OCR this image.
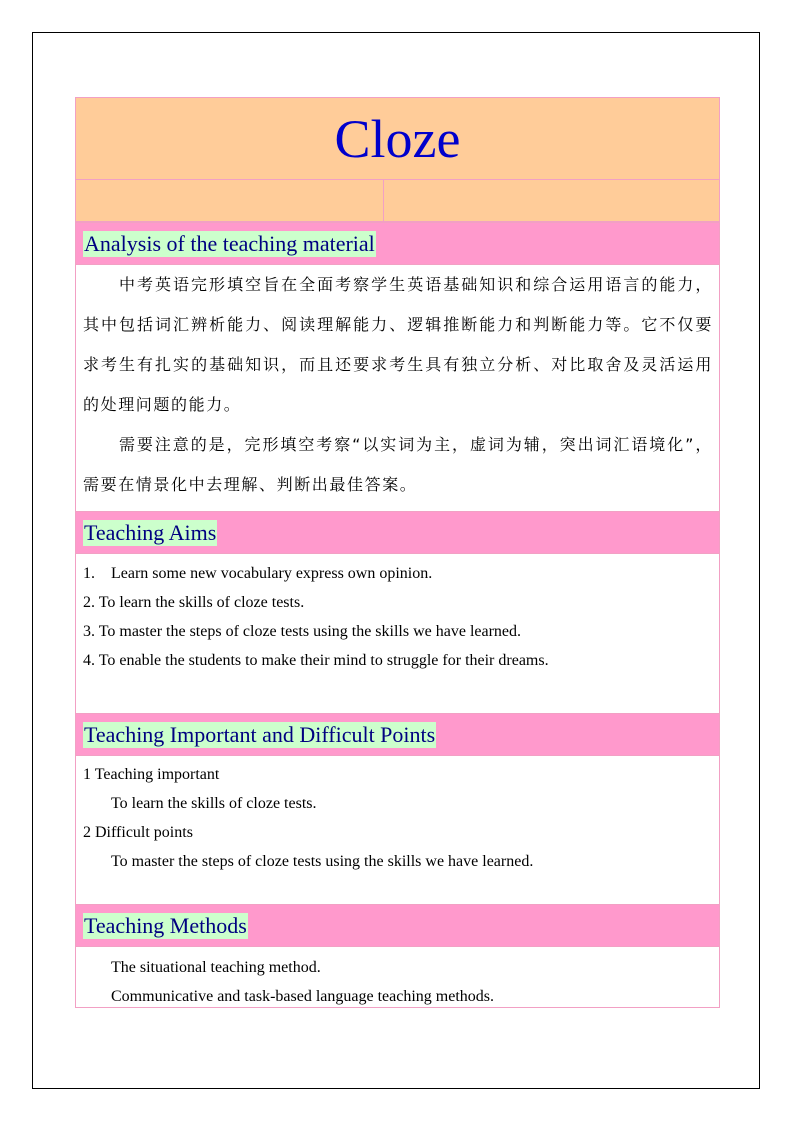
Cloze
Analysis of the teaching material

中考英语完形填空旨在全面考察学生英语基础知识和综合运用语言的能力，其中包括词汇辨析能力、阅读理解能力、逻辑推断能力和判断能力等。它不仅要求考生有扎实的基础知识，而且还要求考生具有独立分析、对比取舍及灵活运用的处理问题的能力。

需要注意的是，完形填空考察“以实词为主，虚词为辅，突出词汇语境化”，需要在情景化中去理解、判断出最佳答案。

Teaching Aims

1.    Learn some new vocabulary express own opinion.

2. To learn the skills of cloze tests.

3. To master the steps of cloze tests using the skills we have learned.

4. To enable the students to make their mind to struggle for their dreams.

Teaching Important and Difficult Points

1 Teaching important

To learn the skills of cloze tests.

2 Difficult points

To master the steps of cloze tests using the skills we have learned.

Teaching Methods

The situational teaching method.

Communicative and task-based language teaching methods.
